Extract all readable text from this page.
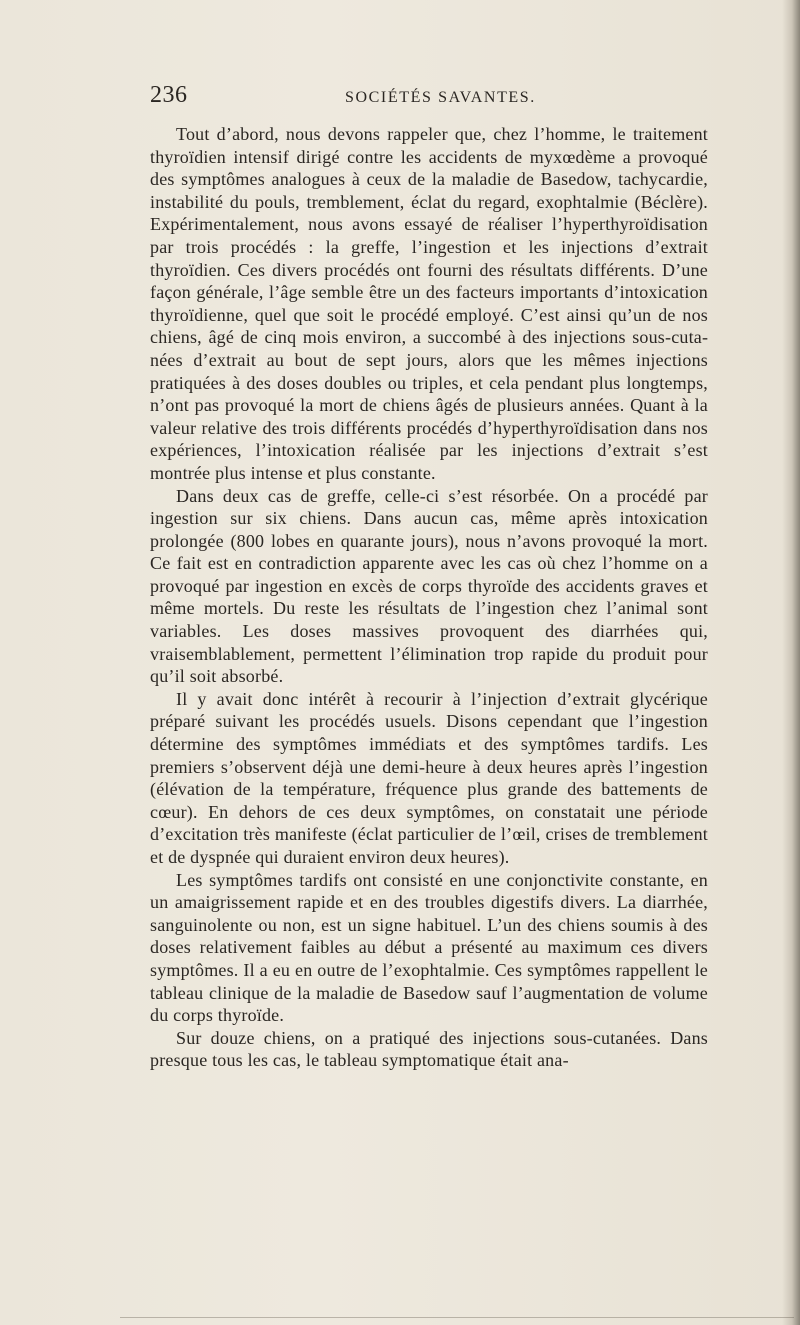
236	SOCIÉTÉS SAVANTES.

Tout d’abord, nous devons rappeler que, chez l’homme, le traitement thyroïdien intensif dirigé contre les accidents de myxœdème a provoqué des symptômes analogues à ceux de la maladie de Basedow, tachycardie, instabilité du pouls, tremblement, éclat du regard, exophtalmie (Béclère). Expérimentalement, nous avons essayé de réaliser l’hyperthyroïdisation par trois procédés : la greffe, l’ingestion et les injections d’extrait thyroïdien. Ces divers procédés ont fourni des résultats différents. D’une façon générale, l’âge semble être un des facteurs importants d’intoxication thyroïdienne, quel que soit le procédé employé. C’est ainsi qu’un de nos chiens, âgé de cinq mois environ, a succombé à des injections sous-cutanées d’extrait au bout de sept jours, alors que les mêmes injections pratiquées à des doses doubles ou triples, et cela pendant plus longtemps, n’ont pas provoqué la mort de chiens âgés de plusieurs années. Quant à la valeur relative des trois différents procédés d’hyperthyroïdisation dans nos expériences, l’intoxication réalisée par les injections d’extrait s’est montrée plus intense et plus constante.

Dans deux cas de greffe, celle-ci s’est résorbée. On a procédé par ingestion sur six chiens. Dans aucun cas, même après intoxication prolongée (800 lobes en quarante jours), nous n’avons provoqué la mort. Ce fait est en contradiction apparente avec les cas où chez l’homme on a provoqué par ingestion en excès de corps thyroïde des accidents graves et même mortels. Du reste les résultats de l’ingestion chez l’animal sont variables. Les doses massives provoquent des diarrhées qui, vraisemblablement, permettent l’élimination trop rapide du produit pour qu’il soit absorbé.

Il y avait donc intérêt à recourir à l’injection d’extrait glycérique préparé suivant les procédés usuels. Disons cependant que l’ingestion détermine des symptômes immédiats et des symptômes tardifs. Les premiers s’observent déjà une demi-heure à deux heures après l’ingestion (élévation de la température, fréquence plus grande des battements de cœur). En dehors de ces deux symptômes, on constatait une période d’excitation très manifeste (éclat particulier de l’œil, crises de tremblement et de dyspnée qui duraient environ deux heures).

Les symptômes tardifs ont consisté en une conjonctivite constante, en un amaigrissement rapide et en des troubles digestifs divers. La diarrhée, sanguinolente ou non, est un signe habituel. L’un des chiens soumis à des doses relativement faibles au début a présenté au maximum ces divers symptômes. Il a eu en outre de l’exophtalmie. Ces symptômes rappellent le tableau clinique de la maladie de Basedow sauf l’augmentation de volume du corps thyroïde.

Sur douze chiens, on a pratiqué des injections sous-cutanées. Dans presque tous les cas, le tableau symptomatique était ana-
